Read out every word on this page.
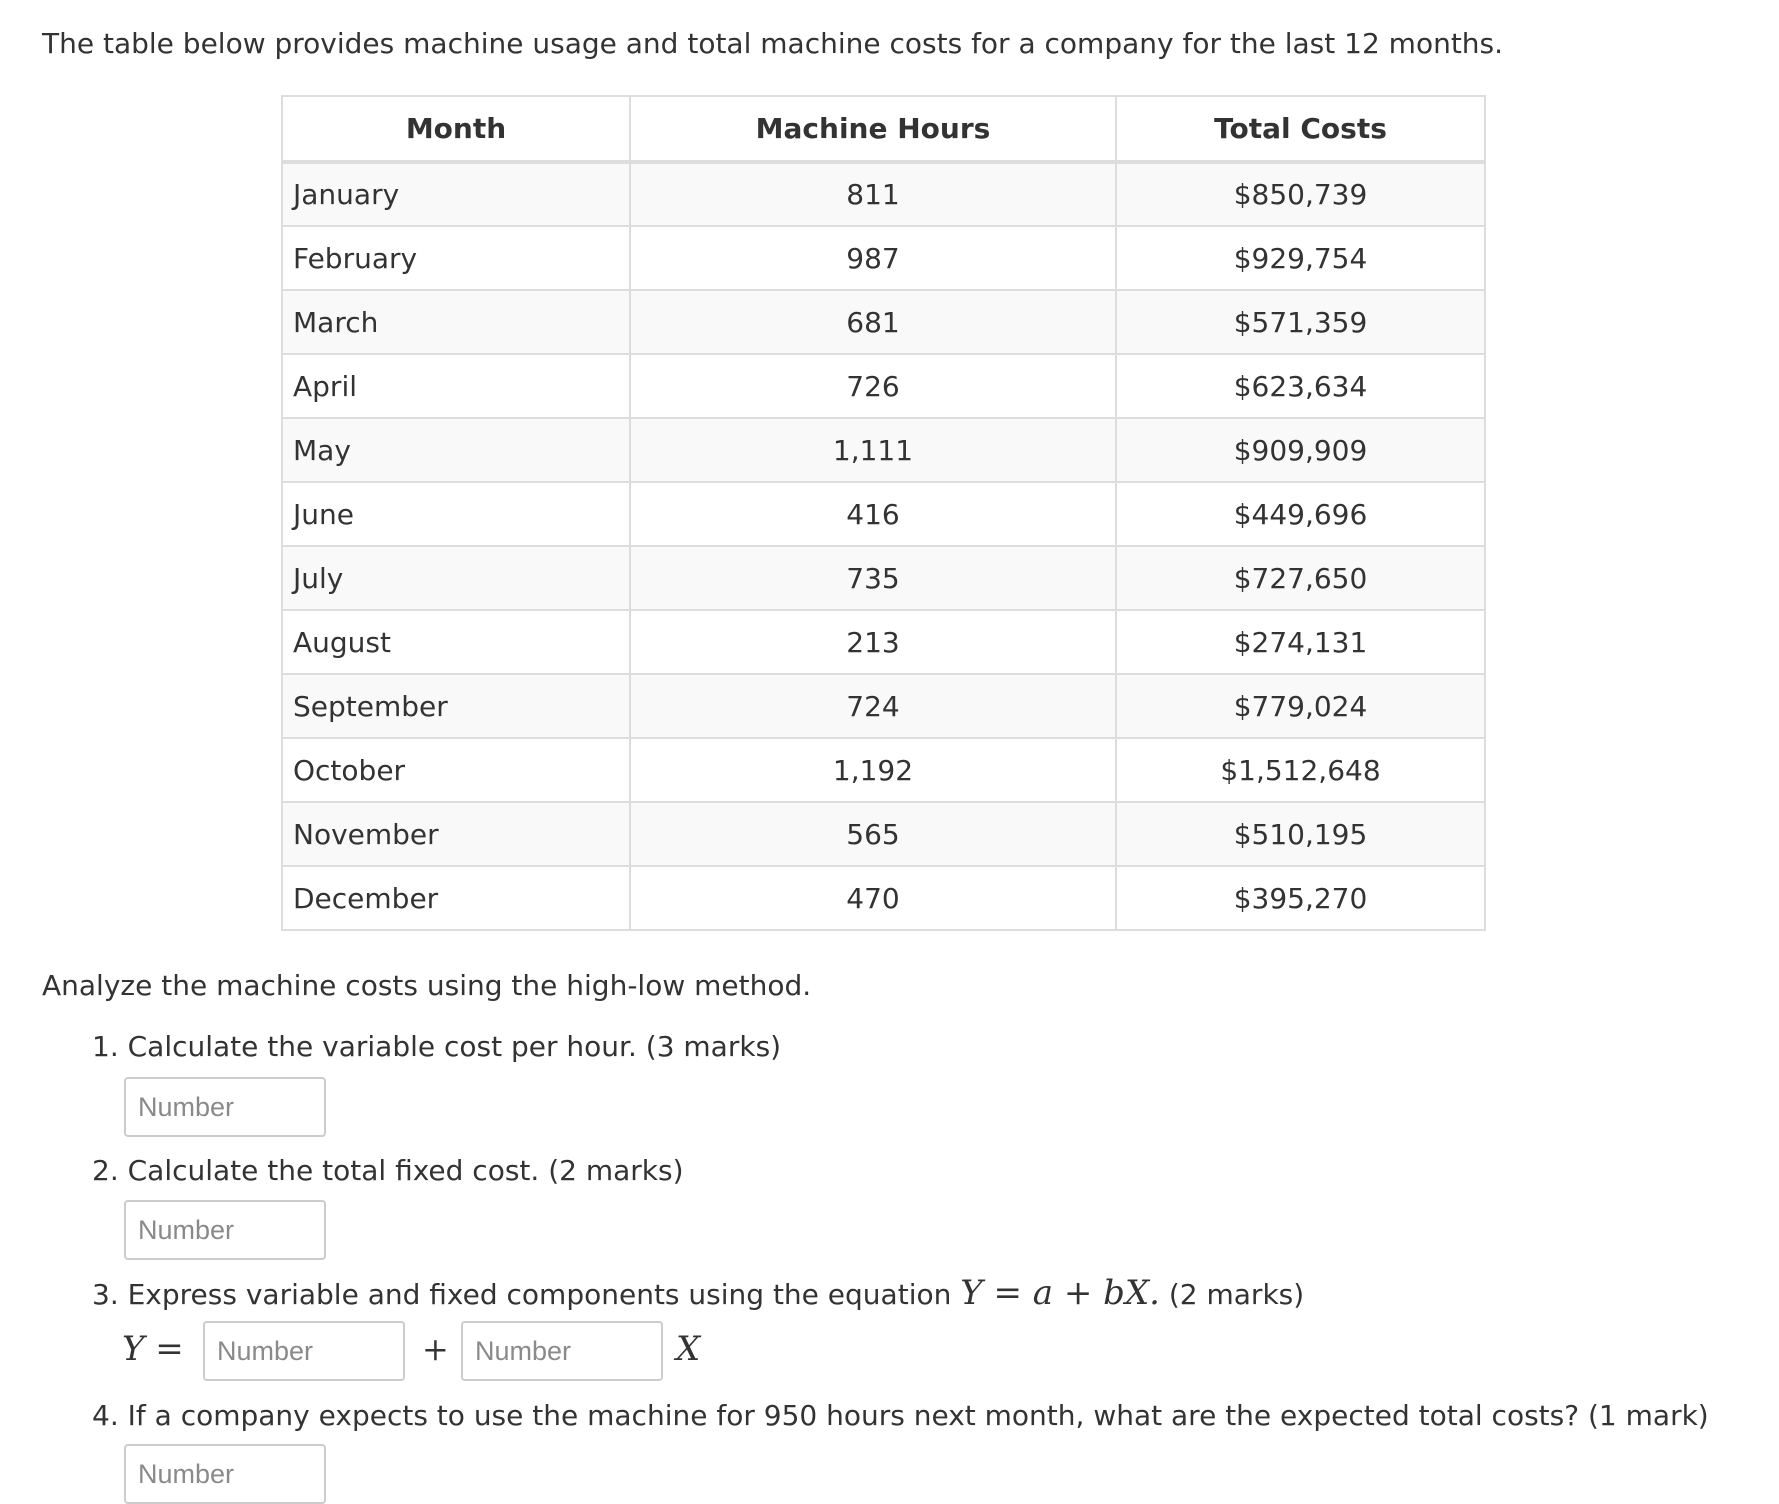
The table below provides machine usage and total machine costs for a company for the last 12 months.
Month	Machine Hours	Total Costs
January	811	$850,739
February	987	$929,754
March	681	$571,359
April	726	$623,634
May	1,111	$909,909
June	416	$449,696
July	735	$727,650
August	213	$274,131
September	724	$779,024
October	1,192	$1,512,648
November	565	$510,195
December	470	$395,270
Analyze the machine costs using the high-low method.
1. Calculate the variable cost per hour. (3 marks)
Number
2. Calculate the total fixed cost. (2 marks)
Number
3. Express variable and fixed components using the equation Y = a + bX. (2 marks)
Y =
Number	+
Number	X
4. If a company expects to use the machine for 950 hours next month, what are the expected total costs? (1 mark)
Number
